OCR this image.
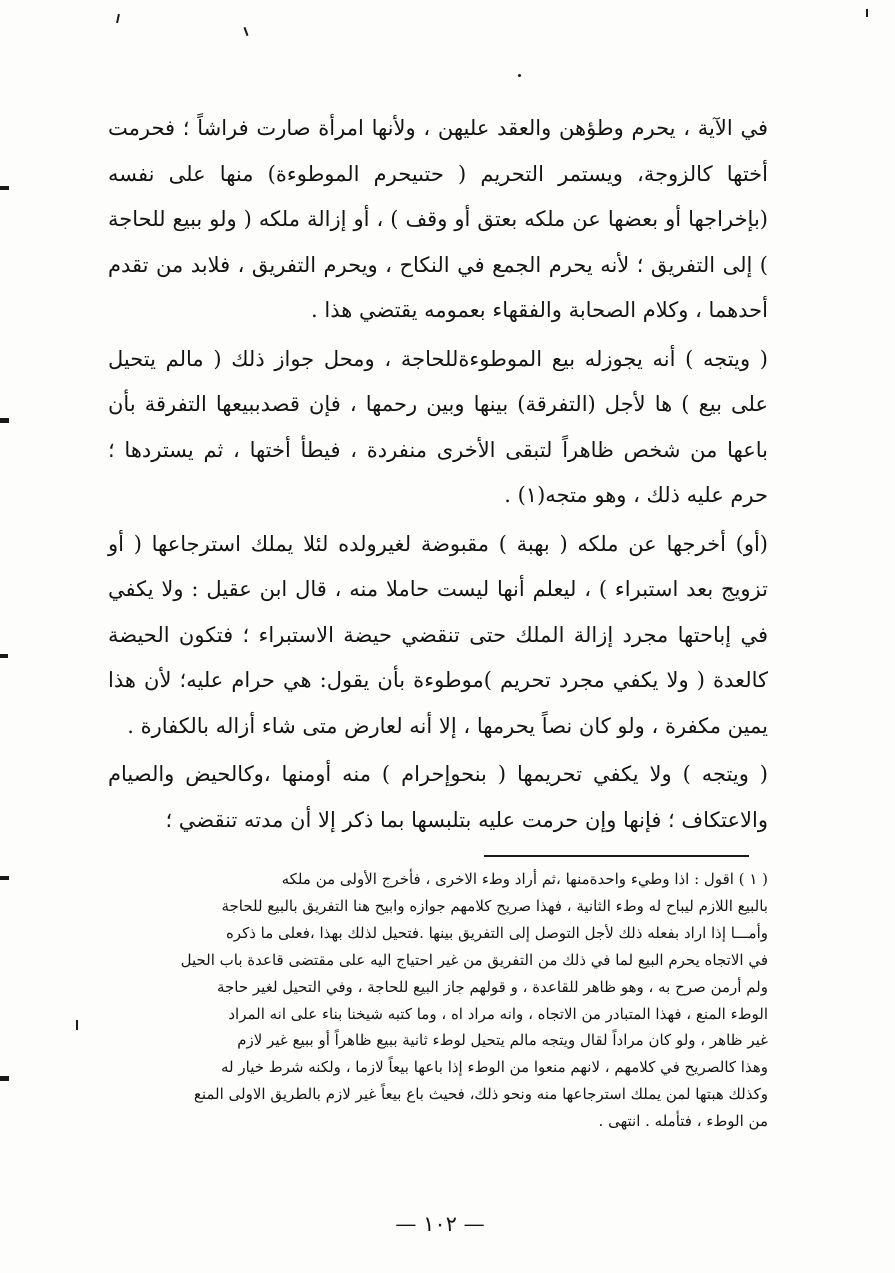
في الآية ، يحرم وطؤهن والعقد عليهن ، ولأنها امرأة صارت فراشاً ؛ فحرمت أختها كالزوجة، ويستمر التحريم ( حتىيحرم الموطوءة) منها على نفسه (بإخراجها أو بعضها عن ملكه بعتق أو وقف ) ، أو إزالة ملكه ( ولو ببيع للحاجة ) إلى التفريق ؛ لأنه يحرم الجمع في النكاح ، ويحرم التفريق ، فلابد من تقدم أحدهما ، وكلام الصحابة والفقهاء بعمومه يقتضي هذا .

( ويتجه ) أنه يجوزله بيع الموطوءةللحاجة ، ومحل جواز ذلك ( مالم يتحيل على بيع ) ها لأجل (التفرقة) بينها وبين رحمها ، فإن قصدببيعها التفرقة بأن باعها من شخص ظاهراً لتبقى الأخرى منفردة ، فيطأ أختها ، ثم يستردها ؛ حرم عليه ذلك ، وهو متجه(١) .

(أو) أخرجها عن ملكه ( بهبة ) مقبوضة لغيرولده لئلا يملك استرجاعها ( أو تزويج بعد استبراء ) ، ليعلم أنها ليست حاملا منه ، قال ابن عقيل : ولا يكفي في إباحتها مجرد إزالة الملك حتى تنقضي حيضة الاستبراء ؛ فتكون الحيضة كالعدة ( ولا يكفي مجرد تحريم )موطوءة بأن يقول: هي حرام عليه؛ لأن هذا يمين مكفرة ، ولو كان نصاً يحرمها ، إلا أنه لعارض متى شاء أزاله بالكفارة .

( ويتجه ) ولا يكفي تحريمها ( بنحوإحرام ) منه أومنها ،وكالحيض والصيام والاعتكاف ؛ فإنها وإن حرمت عليه بتلبسها بما ذكر إلا أن مدته تنقضي ؛

( ١ ) اقول : اذا وطيء واحدةمنها ،ثم أراد وطء الاخرى ، فأخرج الأولى من ملكه

بالبيع اللازم ليباح له وطء الثانية ، فهذا صريح كلامهم جوازه وابيح هنا التفريق بالبيع للحاجة

وأمـــا إذا اراد بفعله ذلك لأجل التوصل إلى التفريق بينها .فتحيل لذلك بهذا ،فعلى ما ذكره

في الاتجاه يحرم البيع لما في ذلك من التفريق من غير احتياج اليه على مقتضى قاعدة باب الحيل

ولم أرمن صرح به ، وهو ظاهر للقاعدة ، و قولهم جاز البيع للحاجة ، وفي التحيل لغير حاجة

الوطء المنع ، فهذا المتبادر من الاتجاه ، وانه مراد اه ، وما كتبه شيخنا بناء على انه المراد

غير ظاهر ، ولو كان مراداً لقال ويتجه مالم يتحيل لوطء ثانية ببيع ظاهراً أو ببيع غير لازم

وهذا كالصريح في كلامهم ، لانهم منعوا من الوطء إذا باعها بيعاً لازما ، ولكنه شرط خيار له

وكذلك هبتها لمن يملك استرجاعها منه ونحو ذلك، فحيث باع بيعاً غير لازم بالطريق الاولى المنع

من الوطء ، فتأمله . انتهى .

— ١٠٢ —
